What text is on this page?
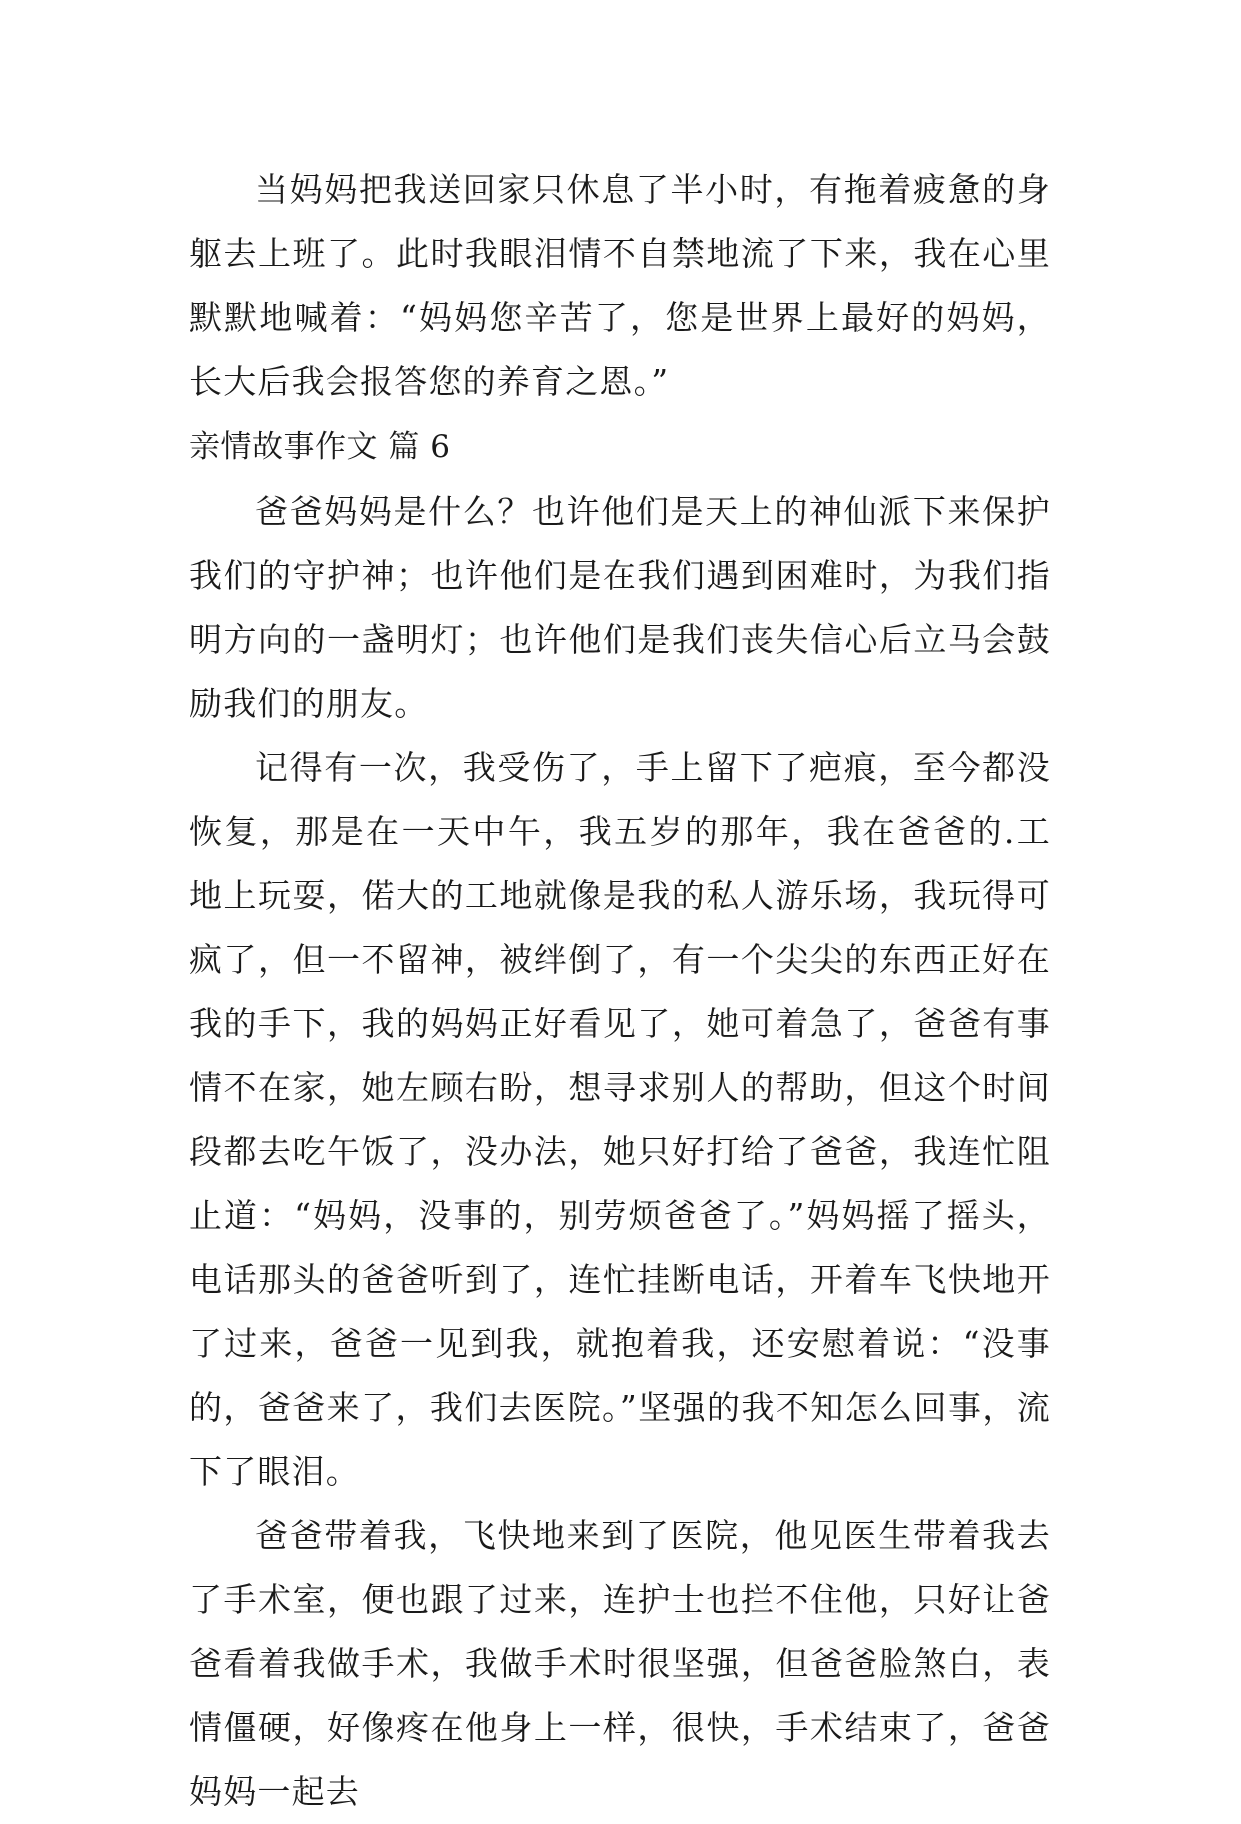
当妈妈把我送回家只休息了半小时，有拖着疲惫的身躯去上班了。此时我眼泪情不自禁地流了下来，我在心里默默地喊着：“妈妈您辛苦了，您是世界上最好的妈妈，长大后我会报答您的养育之恩。”

亲情故事作文 篇 6

爸爸妈妈是什么？也许他们是天上的神仙派下来保护我们的守护神；也许他们是在我们遇到困难时，为我们指明方向的一盏明灯；也许他们是我们丧失信心后立马会鼓励我们的朋友。

记得有一次，我受伤了，手上留下了疤痕，至今都没恢复，那是在一天中午，我五岁的那年，我在爸爸的.工地上玩耍，偌大的工地就像是我的私人游乐场，我玩得可疯了，但一不留神，被绊倒了，有一个尖尖的东西正好在我的手下，我的妈妈正好看见了，她可着急了，爸爸有事情不在家，她左顾右盼，想寻求别人的帮助，但这个时间段都去吃午饭了，没办法，她只好打给了爸爸，我连忙阻止道：“妈妈，没事的，别劳烦爸爸了。”妈妈摇了摇头，电话那头的爸爸听到了，连忙挂断电话，开着车飞快地开了过来，爸爸一见到我，就抱着我，还安慰着说：“没事的，爸爸来了，我们去医院。”坚强的我不知怎么回事，流下了眼泪。

爸爸带着我，飞快地来到了医院，他见医生带着我去了手术室，便也跟了过来，连护士也拦不住他，只好让爸爸看着我做手术，我做手术时很坚强，但爸爸脸煞白，表情僵硬，好像疼在他身上一样，很快，手术结束了，爸爸妈妈一起去
